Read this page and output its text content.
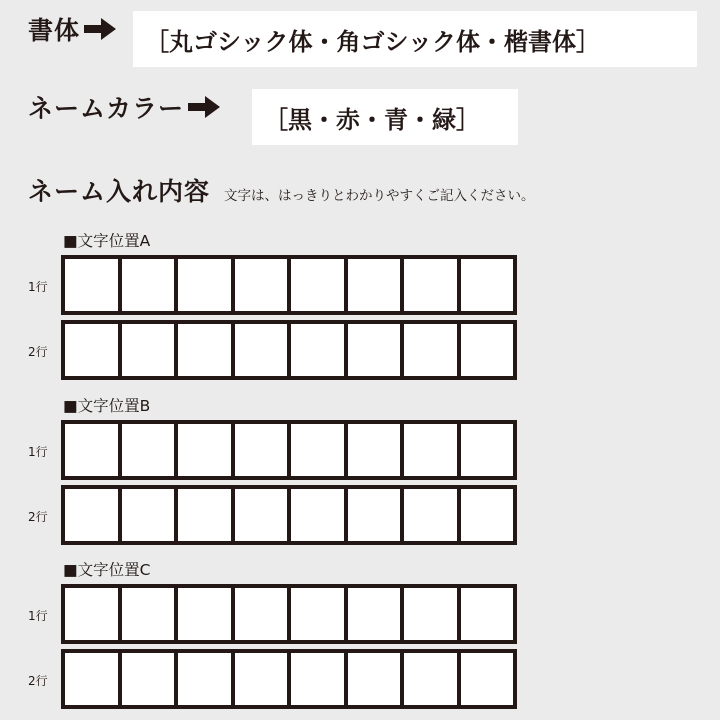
書体	［丸ゴシック体・角ゴシック体・楷書体］
ネームカラー	［黒・赤・青・緑］
ネーム入れ内容 文字は、はっきりとわかりやすくご記入ください。
■文字位置A
1行
2行
■文字位置B
1行
2行
■文字位置C
1行
2行
